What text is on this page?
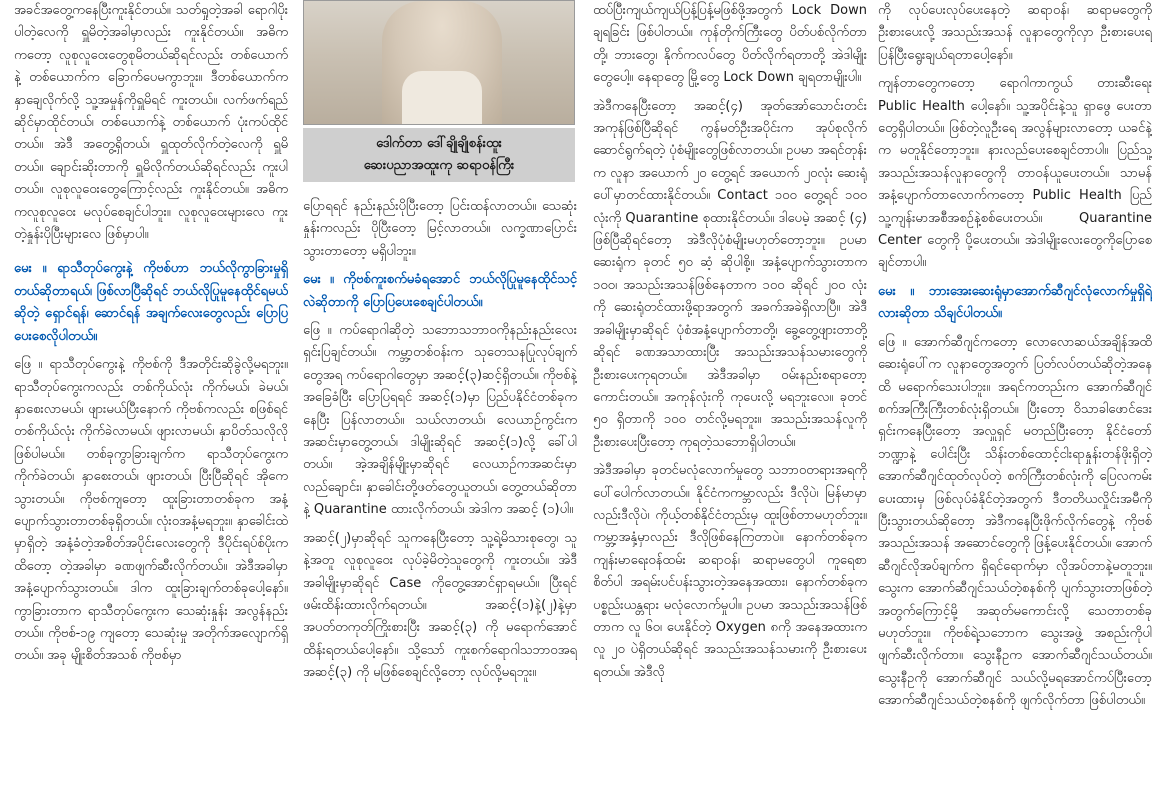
အခင်အတွေ့ကနေပြီးကူးနိုင်တယ်။ သတ်ရှုတဲ့အခါ ရောဂါပိုးပါတဲ့လေကို ရှူမိတဲ့အခါမှာလည်း ကူးနိုင်တယ်။ အဓိကကတော့ လူစုလူဝေးတွေစုမိတယ်ဆိုရင်လည်း တစ်ယောက်နဲ့ တစ်ယောက်က ခြောက်ပေမကွာဘူး။ ဒီတစ်ယောက်က နှာချေလိုက်လို့ သူ့အမှုန်ကိုရှူမိရင် ကူးတယ်။ လက်ဖက်ရည်ဆိုင်မှာထိုင်တယ်၊ တစ်ယောက်နဲ့ တစ်ယောက် ပုံးကပ်ထိုင်တယ်။ အဲဒီ အတွေ့ရှိတယ်၊ ရှူထုတ်လိုက်တဲ့လေကို ရှူမိတယ်။ ချောင်းဆိုးတာကို ရှူမိလိုက်တယ်ဆိုရင်လည်း ကူးပါတယ်။ လူစုလူဝေးတွေကြောင့်လည်း ကူးနိုင်တယ်။ အဓိကကလူစုလူဝေး မလုပ်စေချင်ပါဘူး။ လူစုလူဝေးများလေ ကူးတဲ့နှုန်းပိုပြီးများလေ ဖြစ်မှာပါ။

မေး ။ ရာသီတုပ်ကွေးနဲ့ ကိုဗစ်ဟာ ဘယ်လိုကွာခြားမှုရှိတယ်ဆိုတာရယ်၊ ဖြစ်လာပြီဆိုရင် ဘယ်လိုပြုမူနေထိုင်ရမယ်ဆိုတဲ့ ရှောင်ရန်၊ ဆောင်ရန် အချက်လေးတွေလည်း ပြောပြပေးစေလိုပါတယ်။

ဖြေ ။ ရာသီတုပ်ကွေးနဲ့ ကိုဗစ်ကို ဒီအတိုင်းဆိုခွဲလို့မရဘူး။ ရာသီတုပ်ကွေးကလည်း တစ်ကိုယ်လုံး ကိုက်မယ်၊ ခဲမယ်၊ နှာစေးလာမယ်၊ ဖျားမယ်ပြီးနောက် ကိုဗစ်ကလည်း စဖြစ်ရင် တစ်ကိုယ်လုံး ကိုက်ခဲလာမယ်၊ ဖျားလာမယ်၊ နှာပိတ်သလိုလိုဖြစ်ပါမယ်။ တစ်ခုကွာခြားချက်က ရာသီတုပ်ကွေးက ကိုက်ခဲတယ်၊ နှာစေးတယ်၊ ဖျားတယ်၊ ပြီးပြီဆိုရင် အိုကေသွားတယ်။ ကိုဗစ်ကျတော့ ထူးခြားတာတစ်ခုက အနံ့ပျောက်သွားတာတစ်ခုရှိတယ်။ လုံးဝအနံ့မရဘူး။ နှာခေါင်းထဲမှာရှိတဲ့ အနံ့ခံတဲ့အစိတ်အပိုင်းလေးတွေကို ဒီပိုင်းရပ်စ်ပိုးက ထိတော့ တဲ့အခါမှာ ခဏဖျက်ဆီးလိုက်တယ်။ အဲဒီအခါမှာ အနံ့ပျောက်သွားတယ်။ ဒါက ထူးခြားချက်တစ်ခုပေါ့နော်။ ကွာခြားတာက ရာသီတုပ်ကွေးက သေဆုံးနှုန်း အလွန်နည်းတယ်။ ကိုဗစ်-၁၉ ကျတော့ သေဆုံးမှု အတိုက်အလျောက်ရှိတယ်။ အခု မျိုးစိတ်အသစ် ကိုဗစ်မှာ

ဒေါက်တာ ဒေါ်ချိုချိုစန်းထူး
ဆေးပညာအထူးကု ဆရာဝန်ကြီး

ပြောရရင် နည်းနည်းပိုပြီးတော့ ပြင်းထန်လာတယ်။ သေဆုံးနှုန်းကလည်း ပိုပြီးတော့ မြင့်လာတယ်။ လက္ခဏာပြောင်းသွားတာတော့ မရှိပါဘူး။

မေး ။ ကိုဗစ်ကူးစက်မခံရအောင် ဘယ်လိုပြုမူနေထိုင်သင့်လဲဆိုတာကို ပြောပြပေးစေချင်ပါတယ်။

ဖြေ ။ ကပ်ရောဂါဆိုတဲ့ သဘောသဘာဝကိုနည်းနည်းလေးရှင်းပြချင်တယ်။ ကမ္ဘာ့တစ်ဝန်းက သုတေသနပြုလုပ်ချက်တွေအရ ကပ်ရောဂါတွေမှာ အဆင့်(၃)ဆင့်ရှိတယ်။ ကိုဗစ်နဲ့ အခြေခံပြီး ပြောပြရရင် အဆင့်(၁)မှာ ပြည်ပနိုင်ငံတစ်ခုကနေပြီး ပြန်လာတယ်။ သယ်လာတယ်၊ လေယာဉ်ကွင်းက အဆင်းမှာတွေ့တယ်၊ ဒါမျိုးဆိုရင် အဆင့်(၁)လို့ ခေါ်ပါတယ်။ အဲ့အချိန်မျိုးမှာဆိုရင် လေယာဉ်ကအဆင်းမှာ လည်ချောင်း၊ နှာခေါင်းတို့ဖတ်တွေယူတယ်၊ တွေ့တယ်ဆိုတာနဲ့ Quarantine ထားလိုက်တယ်၊ အဲဒါက အဆင့် (၁)ပါ။

အဆင့်(၂)မှာဆိုရင် သူကနေပြီးတော့ သူ့ရဲ့မိသားစုတွေ၊ သူနဲ့အတူ လူစုလူဝေး လုပ်ခဲ့မိတဲ့သူတွေကို ကူးတယ်။ အဲဒီအခါမျိုးမှာဆိုရင် Case ကိုတွေ့အောင်ရှာရမယ်။ ပြီးရင် ဖမ်းထိန်းထားလိုက်ရတယ်။ အဆင့်(၁)နဲ့(၂)နဲ့မှာ အပတ်တကုတ်ကြိုးစားပြီး အဆင့်(၃) ကို မရောက်အောင် ထိန်းရတယ်ပေါ့နော်။ သို့သော် ကူးစက်ရောဂါသဘာဝအရ အဆင့်(၃) ကို မဖြစ်စေချင်လို့တော့ လုပ်လို့မရဘူး။

ထပ်ပြီးကျယ်ကျယ်ပြန့်ပြန့်မဖြစ်ဖို့အတွက် Lock Down ချရခြင်း ဖြစ်ပါတယ်။ ကုန်တိုက်ကြီးတွေ ပိတ်ပစ်လိုက်တာတို့၊ ဘားတွေ၊ နိုက်ကလပ်တွေ ပိတ်လိုက်ရတာတို့ အဲဒါမျိုးတွေပေါ့။ နေရာတွေ မြို့တွေ Lock Down ချရတာမျိုးပါ။

အဲဒီကနေပြီးတော့ အဆင့်(၄) အုတ်အော်သောင်းတင်း အကုန်ဖြစ်ပြီဆိုရင် ကွန်မတ်ဦးအပိုင်းက အုပ်စုလိုက် ဆောင်ရွက်ရတဲ့ ပုံစံမျိုးတွေဖြစ်လာတယ်။ ဥပမာ အရင်တုန်းက လူနာ အယောက် ၂၀ တွေ့ရင် အယောက် ၂၀လုံး ဆေးရုံပေါ်မှာတင်ထားနိုင်တယ်။ Contact ၁၀၀ တွေ့ရင် ၁၀၀ လုံးကို Quarantine စုထားနိုင်တယ်။ ဒါပေမဲ့ အဆင့် (၄) ဖြစ်ပြီဆိုရင်တော့ အဲဒီလိုပုံစံမျိုးမဟုတ်တော့ဘူး။ ဥပမာ ဆေးရုံက ခုတင် ၅၀ ဆံ့ ဆိုပါစို့။ အနံ့ပျောက်သွားတာက ၁၀၀၊ အသည်းအသန်ဖြစ်နေတာက ၁၀၀ ဆိုရင် ၂၀၀ လုံးကို ဆေးရုံတင်ထားဖို့ရာအတွက် အခက်အခဲရှိလာပြီ။ အဲဒီအခါမျိုးမှာဆိုရင် ပုံစံအနံ့ပျောက်တာတို့၊ ခွေ့တွေ့ဖျားတာတို့ဆိုရင် ခဏအသာထားပြီး အသည်းအသန်သမားတွေကို ဦးစားပေးကုရတယ်။ အဲဒီအခါမှာ ဝမ်းနည်းစရာတော့ ကောင်းတယ်။ အကုန်လုံးကို ကုပေးလို့ မရဘူးလေ။ ခုတင် ၅၀ ရှိတာကို ၁၀၀ တင်လို့မရဘူး။ အသည်းအသန်လူကို ဦးစားပေးပြီးတော့ ကုရတဲ့သဘောရှိပါတယ်။

အဲဒီအခါမှာ ခုတင်မလုံလောက်မှုတွေ သဘာဝတရားအရကို ပေါ်ပေါက်လာတယ်။ နိုင်ငံကကမ္ဘာလည်း ဒီလိုပဲ၊ မြန်မာမှာလည်းဒီလိုပဲ၊ ကိုယ့်တစ်နိုင်ငံတည်းမှ ထူးဖြစ်တာမဟုတ်ဘူး။ ကမ္ဘာ့အနှံ့မှာလည်း ဒီလိုဖြစ်နေကြတာပဲ။ နောက်တစ်ခုက ကျန်းမာရေးဝန်ထမ်း ဆရာဝန်၊ ဆရာမတွေပါ ကူရေစာစိတ်ပါ အရမ်းပင်ပန်းသွားတဲ့အနေအထား၊ နောက်တစ်ခုက ပစ္စည်းယန္တရား မလုံလောက်မှုပါ။ ဥပမာ အသည်းအသန်ဖြစ်တာက လူ ၆၀၊ ပေးနိုင်တဲ့ Oxygen ၈ကို အနေအထားက လူ ၂၀ ပဲရှိတယ်ဆိုရင် အသည်းအသန်သမားကို ဦးစားပေးရတယ်။ အဲဒီလို

ကို လုပ်ပေးလုပ်ပေးနေတဲ့ ဆရာဝန်၊ ဆရာမတွေကို ဦးစားပေးလို့ အသည်းအသန် လူနာတွေကိုလှာ ဦးစားပေးရ ပြန်ပြီးရွေးချယ်ရတာပေါ့နော်။

ကျန်တာတွေကတော့ ရောဂါကာကွယ် တားဆီးရေး Public Health ပေါ့နော်။ သူ့အပိုင်းနဲ့သူ ရှာဖွေ ပေးတာတွေရှိပါတယ်။ ဖြစ်တဲ့လူဦးရေ အလွန်များလာတော့ ယခင်နဲ့က မတူနိုင်တော့ဘူး။ နားလည်ပေးစေချင်တာပါ။ ပြည်သူ့ အသည်းအသန်လူနာတွေကို တာဝန်ယူပေးတယ်။ သာမန်အနံ့ပျောက်တာလောက်ကတော့ Public Health ပြည်သူ့ကျန်းမာအစီအစဉ်နဲ့စစ်ပေးတယ်။ Quarantine Center တွေကို ပို့ပေးတယ်။ အဲဒါမျိုးလေးတွေကိုပြောစေချင်တာပါ။

မေး ။ ဘားအေးဆေးရုံမှာအောက်ဆီဂျင်လုံလောက်မှုရှိရဲ့လားဆိုတာ သိချင်ပါတယ်။

ဖြေ ။ အောက်ဆီဂျင်ကတော့ လောလောဆယ်အချိန်အထိ ဆေးရုံပေါ်က လူနာတွေအတွက် ပြတ်လပ်တယ်ဆိုတဲ့အနေထိ မရောက်သေးပါဘူး။ အရင်ကတည်းက အောက်ဆီဂျင်စက်အကြီးကြီးတစ်လုံးရှိတယ်။ ပြီးတော့ ဝိသာခါဖောင်ဒေးရှင်းကနေပြီးတော့ အလှူရှင် မတည်ပြီးတော့ နိုင်ငံတော်ဘဏ္ဍာနဲ့ ပေါင်းပြီး သိန်းတစ်ထောင့်ငါးရာနှုန်းတန်ဖိုးရှိတဲ့ အောက်ဆီဂျင်ထုတ်လုပ်တဲ့ စက်ကြီးတစ်လုံးကို ပြေလကမ်းပေးထားမှ ဖြစ်လုပ်ခံနိုင်တဲ့အတွက် ဒီတတိယလှိုင်းအမီကို ပြီးသွားတယ်ဆိုတော့ အဲဒီကနေပြီးဖိုက်လိုက်တွေနဲ့ ကိုဗစ် အသည်းအသန် အဆောင်တွေကို ဖြန့်ပေးနိုင်တယ်။ အောက်ဆီဂျင်လိုအပ်ချက်က ရှိရင်ရောက်မှာ လိုအပ်တာနဲ့မတူဘူး။ သွေးက အောက်ဆီဂျင်သယ်တဲ့စနစ်ကို ပျက်သွားတာဖြစ်တဲ့အတွက်ကြောင့်မို့ အဆုတ်မကောင်းလို့ သေတာတစ်ခု မဟုတ်ဘူး။ ကိုဗစ်ရဲ့သဘောက သွေးအဖွဲ့ အစည်းကိုပါ ဖျက်ဆီးလိုက်တာ။ သွေးနီဥက အောက်ဆီဂျင်သယ်တယ်။ သွေးနီဥကို အောက်ဆီဂျင် သယ်လို့မရအောင်ကပ်ပြီးတော့ အောက်ဆီဂျင်သယ်တဲ့စနစ်ကို ဖျက်လိုက်တာ ဖြစ်ပါတယ်။
